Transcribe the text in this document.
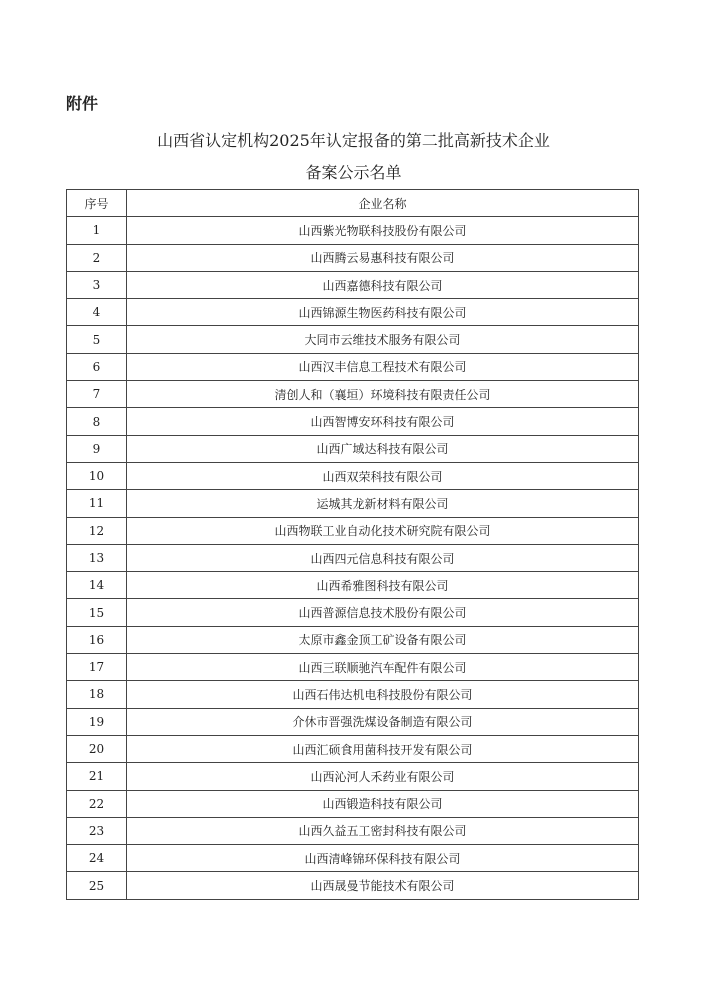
附件
山西省认定机构2025年认定报备的第二批高新技术企业
备案公示名单
序号	企业名称
1	山西紫光物联科技股份有限公司
2	山西腾云易惠科技有限公司
3	山西嘉德科技有限公司
4	山西锦源生物医药科技有限公司
5	大同市云维技术服务有限公司
6	山西汉丰信息工程技术有限公司
7	清创人和（襄垣）环境科技有限责任公司
8	山西智博安环科技有限公司
9	山西广域达科技有限公司
10	山西双荣科技有限公司
11	运城其龙新材料有限公司
12	山西物联工业自动化技术研究院有限公司
13	山西四元信息科技有限公司
14	山西希雅图科技有限公司
15	山西普源信息技术股份有限公司
16	太原市鑫金顶工矿设备有限公司
17	山西三联顺驰汽车配件有限公司
18	山西石伟达机电科技股份有限公司
19	介休市晋强洗煤设备制造有限公司
20	山西汇硕食用菌科技开发有限公司
21	山西沁河人禾药业有限公司
22	山西锻造科技有限公司
23	山西久益五工密封科技有限公司
24	山西清峰锦环保科技有限公司
25	山西晟曼节能技术有限公司
